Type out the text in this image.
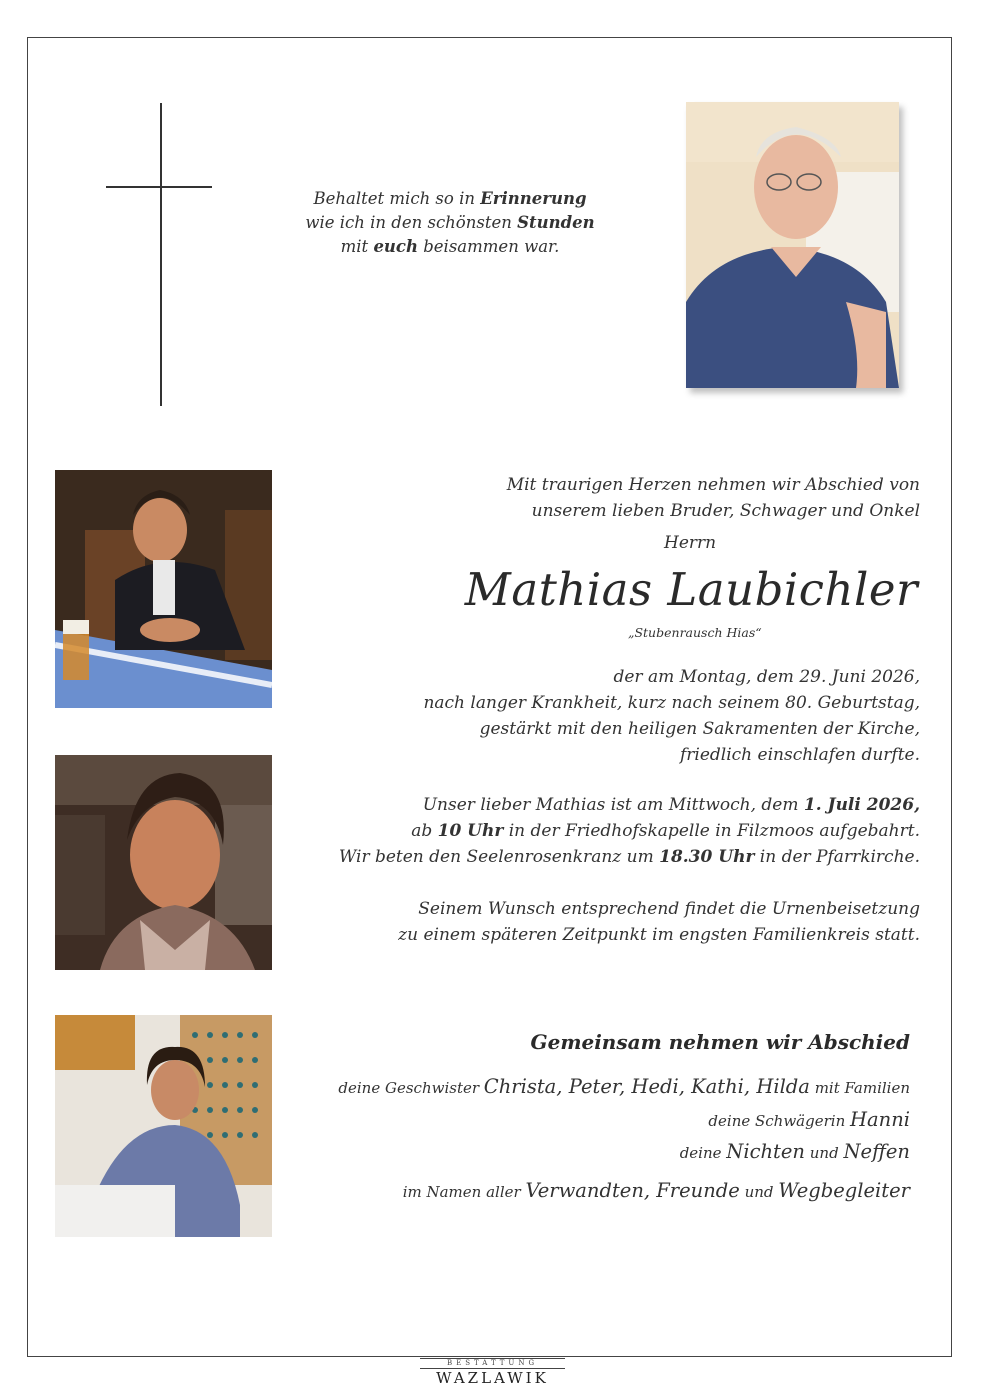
Behaltet mich so in Erinnerung
wie ich in den schönsten Stunden
mit euch beisammen war.
Mit traurigen Herzen nehmen wir Abschied von
unserem lieben Bruder, Schwager und Onkel
Herrn
Mathias Laubichler
„Stubenrausch Hias“
der am Montag, dem 29. Juni 2026,
nach langer Krankheit, kurz nach seinem 80. Geburtstag,
gestärkt mit den heiligen Sakramenten der Kirche,
friedlich einschlafen durfte.
Unser lieber Mathias ist am Mittwoch, dem 1. Juli 2026,
ab 10 Uhr in der Friedhofskapelle in Filzmoos aufgebahrt.
Wir beten den Seelenrosenkranz um 18.30 Uhr in der Pfarrkirche.
Seinem Wunsch entsprechend findet die Urnenbeisetzung
zu einem späteren Zeitpunkt im engsten Familienkreis statt.
Gemeinsam nehmen wir Abschied
deine Geschwister Christa, Peter, Hedi, Kathi, Hilda mit Familien
deine Schwägerin Hanni
deine Nichten und Neffen
im Namen aller Verwandten, Freunde und Wegbegleiter
BESTATTUNG
WAZLAWIK
